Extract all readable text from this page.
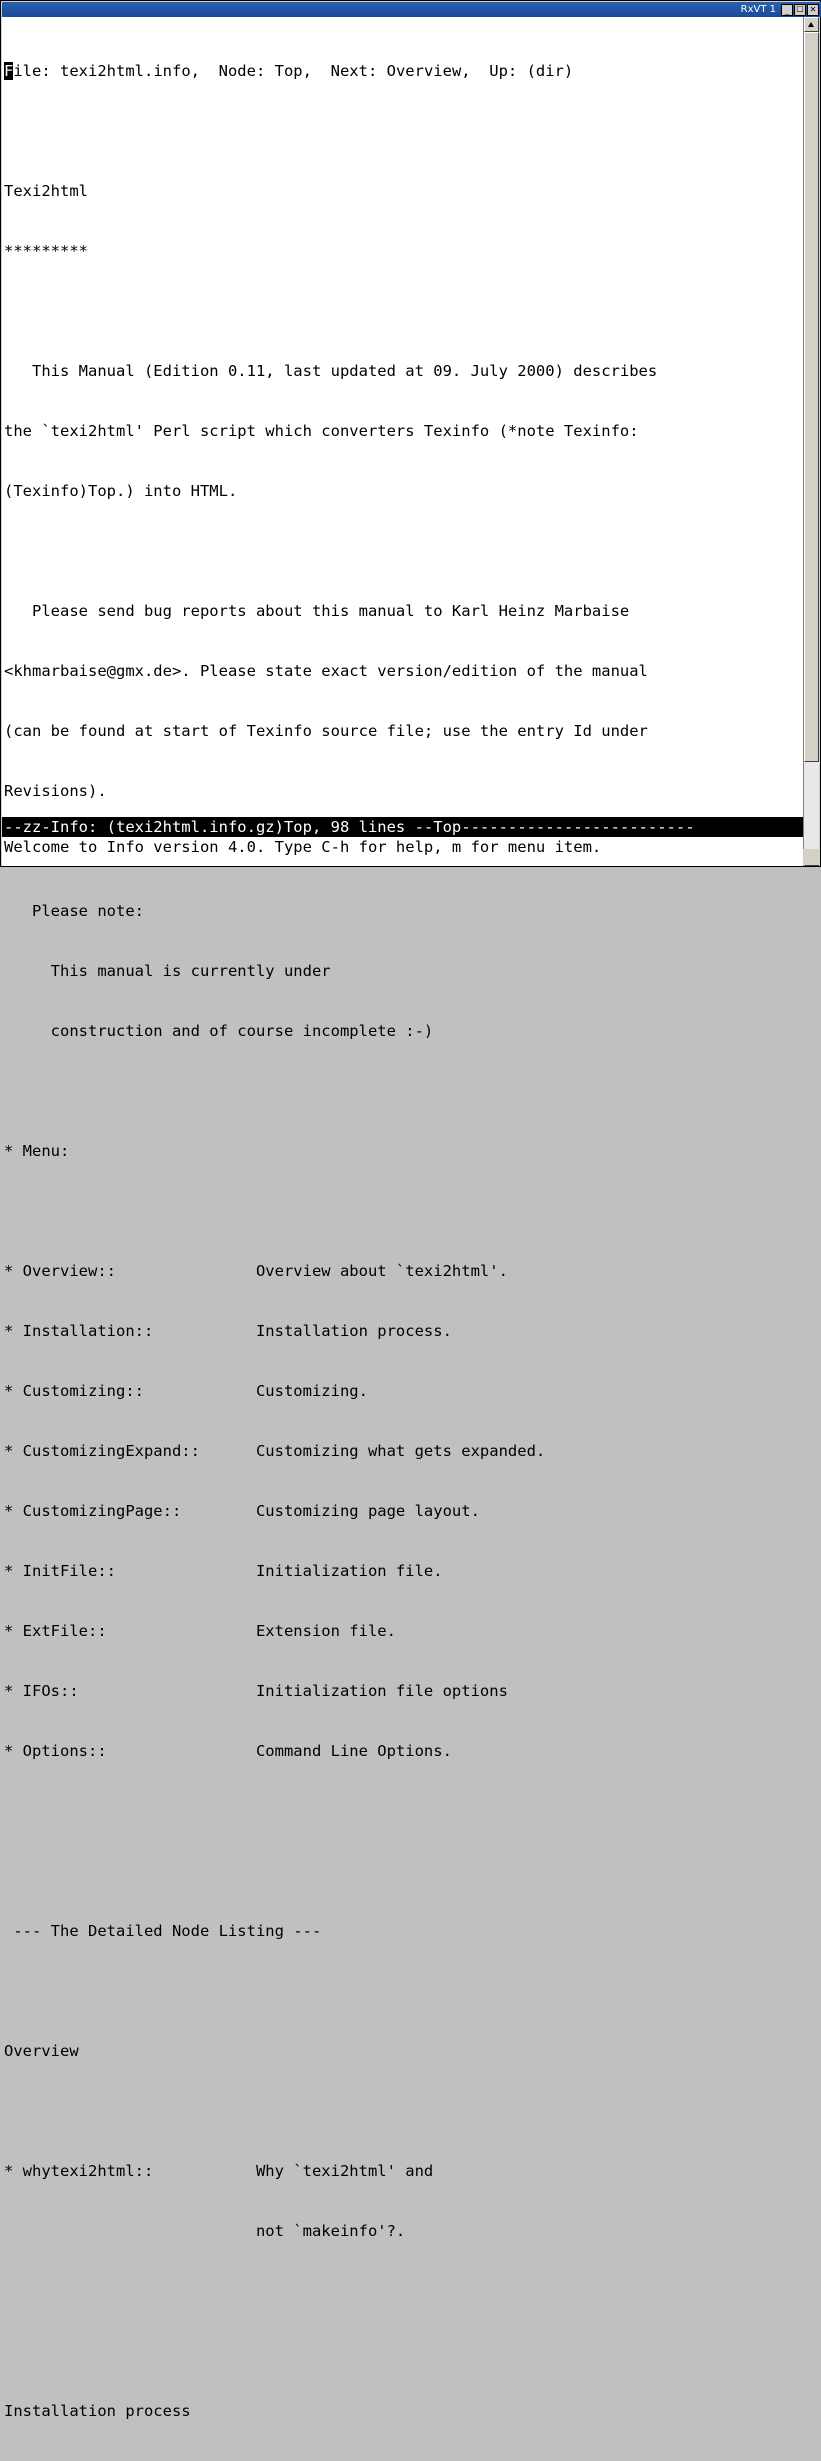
RxVT 1	_ □ ✕

File: texi2html.info,  Node: Top,  Next: Overview,  Up: (dir)

Texi2html

*********

This Manual (Edition 0.11, last updated at 09. July 2000) describes

the `texi2html' Perl script which converters Texinfo (*note Texinfo:

(Texinfo)Top.) into HTML.

Please send bug reports about this manual to Karl Heinz Marbaise

<khmarbaise@gmx.de>. Please state exact version/edition of the manual

(can be found at start of Texinfo source file; use the entry Id under

Revisions).

Please note:

This manual is currently under

construction and of course incomplete :-)

* Menu:

* Overview::               Overview about `texi2html'.

* Installation::           Installation process.

* Customizing::            Customizing.

* CustomizingExpand::      Customizing what gets expanded.

* CustomizingPage::        Customizing page layout.

* InitFile::               Initialization file.

* ExtFile::                Extension file.

* IFOs::                   Initialization file options

* Options::                Command Line Options.

--- The Detailed Node Listing ---

Overview

* whytexi2html::           Why `texi2html' and

not `makeinfo'?.

Installation process

--zz-Info: (texi2html.info.gz)Top, 98 lines --Top-------------------------
Welcome to Info version 4.0. Type C-h for help, m for menu item.
